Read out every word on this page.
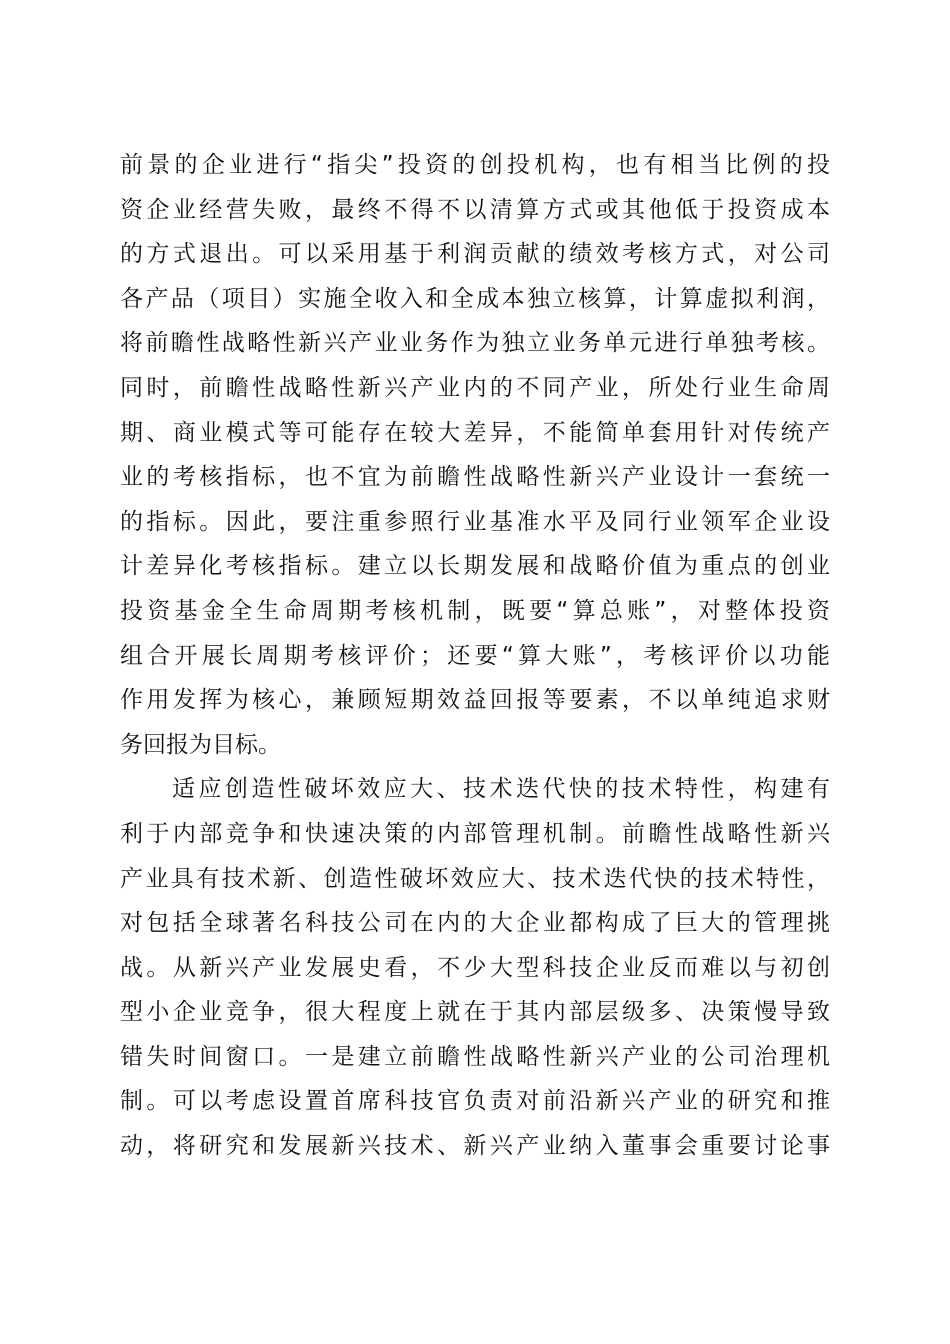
前景的企业进行“指尖”投资的创投机构，也有相当比例的投
资企业经营失败，最终不得不以清算方式或其他低于投资成本
的方式退出。可以采用基于利润贡献的绩效考核方式，对公司
各产品（项目）实施全收入和全成本独立核算，计算虚拟利润，
将前瞻性战略性新兴产业业务作为独立业务单元进行单独考核。
同时，前瞻性战略性新兴产业内的不同产业，所处行业生命周
期、商业模式等可能存在较大差异，不能简单套用针对传统产
业的考核指标，也不宜为前瞻性战略性新兴产业设计一套统一
的指标。因此，要注重参照行业基准水平及同行业领军企业设
计差异化考核指标。建立以长期发展和战略价值为重点的创业
投资基金全生命周期考核机制，既要“算总账”，对整体投资
组合开展长周期考核评价；还要“算大账”，考核评价以功能
作用发挥为核心，兼顾短期效益回报等要素，不以单纯追求财
务回报为目标。
适应创造性破坏效应大、技术迭代快的技术特性，构建有
利于内部竞争和快速决策的内部管理机制。前瞻性战略性新兴
产业具有技术新、创造性破坏效应大、技术迭代快的技术特性，
对包括全球著名科技公司在内的大企业都构成了巨大的管理挑
战。从新兴产业发展史看，不少大型科技企业反而难以与初创
型小企业竞争，很大程度上就在于其内部层级多、决策慢导致
错失时间窗口。一是建立前瞻性战略性新兴产业的公司治理机
制。可以考虑设置首席科技官负责对前沿新兴产业的研究和推
动，将研究和发展新兴技术、新兴产业纳入董事会重要讨论事
